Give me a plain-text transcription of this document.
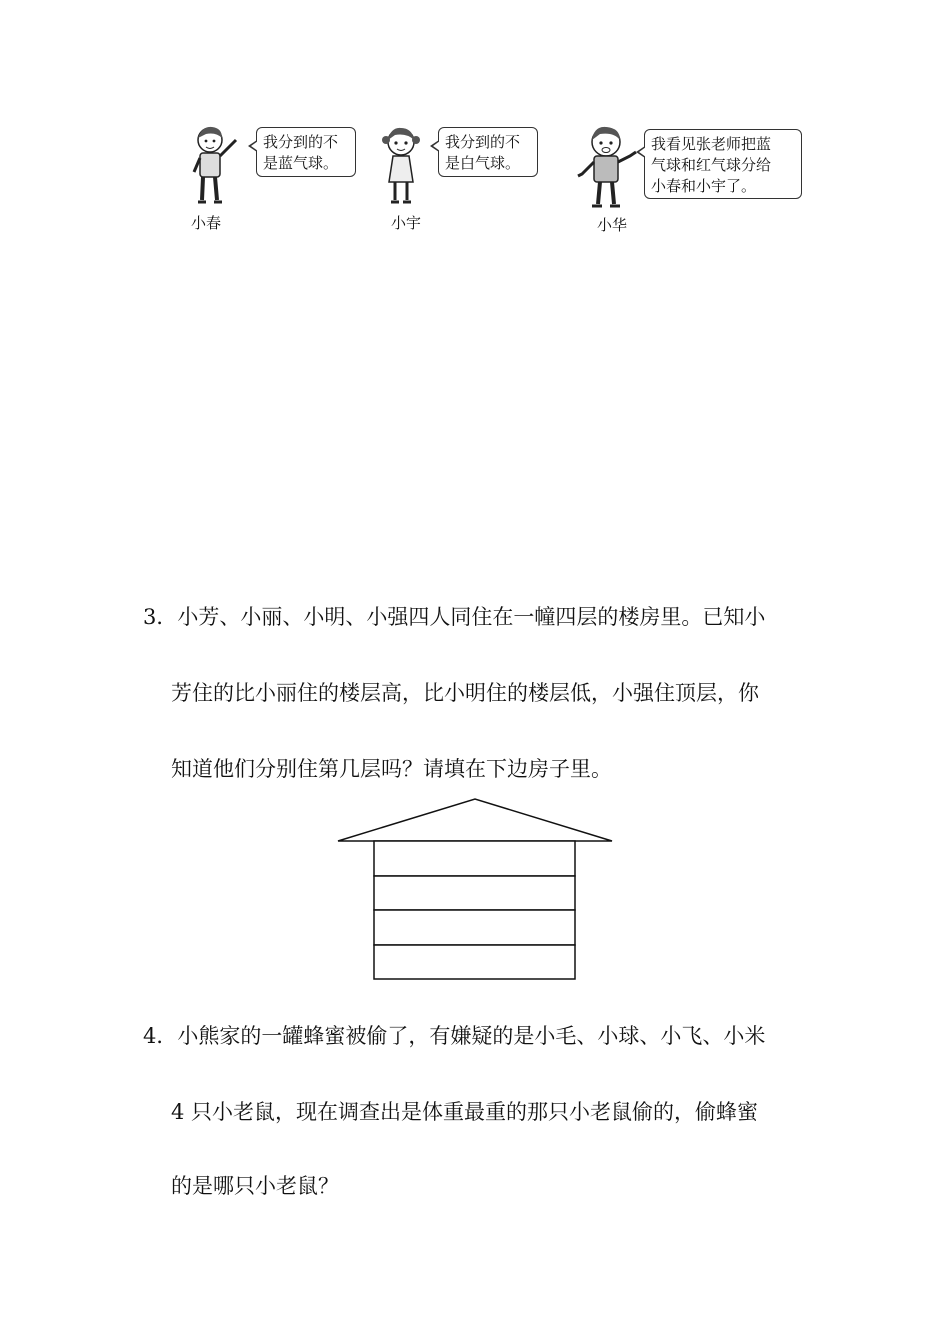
我分到的不
是蓝气球。
小春
我分到的不
是白气球。
小宇
我看见张老师把蓝
气球和红气球分给
小春和小宇了。
小华
3．小芳、小丽、小明、小强四人同住在一幢四层的楼房里。已知小
芳住的比小丽住的楼层高，比小明住的楼层低，小强住顶层，你
知道他们分别住第几层吗？请填在下边房子里。
4．小熊家的一罐蜂蜜被偷了，有嫌疑的是小毛、小球、小飞、小米
4 只小老鼠，现在调查出是体重最重的那只小老鼠偷的，偷蜂蜜
的是哪只小老鼠？
